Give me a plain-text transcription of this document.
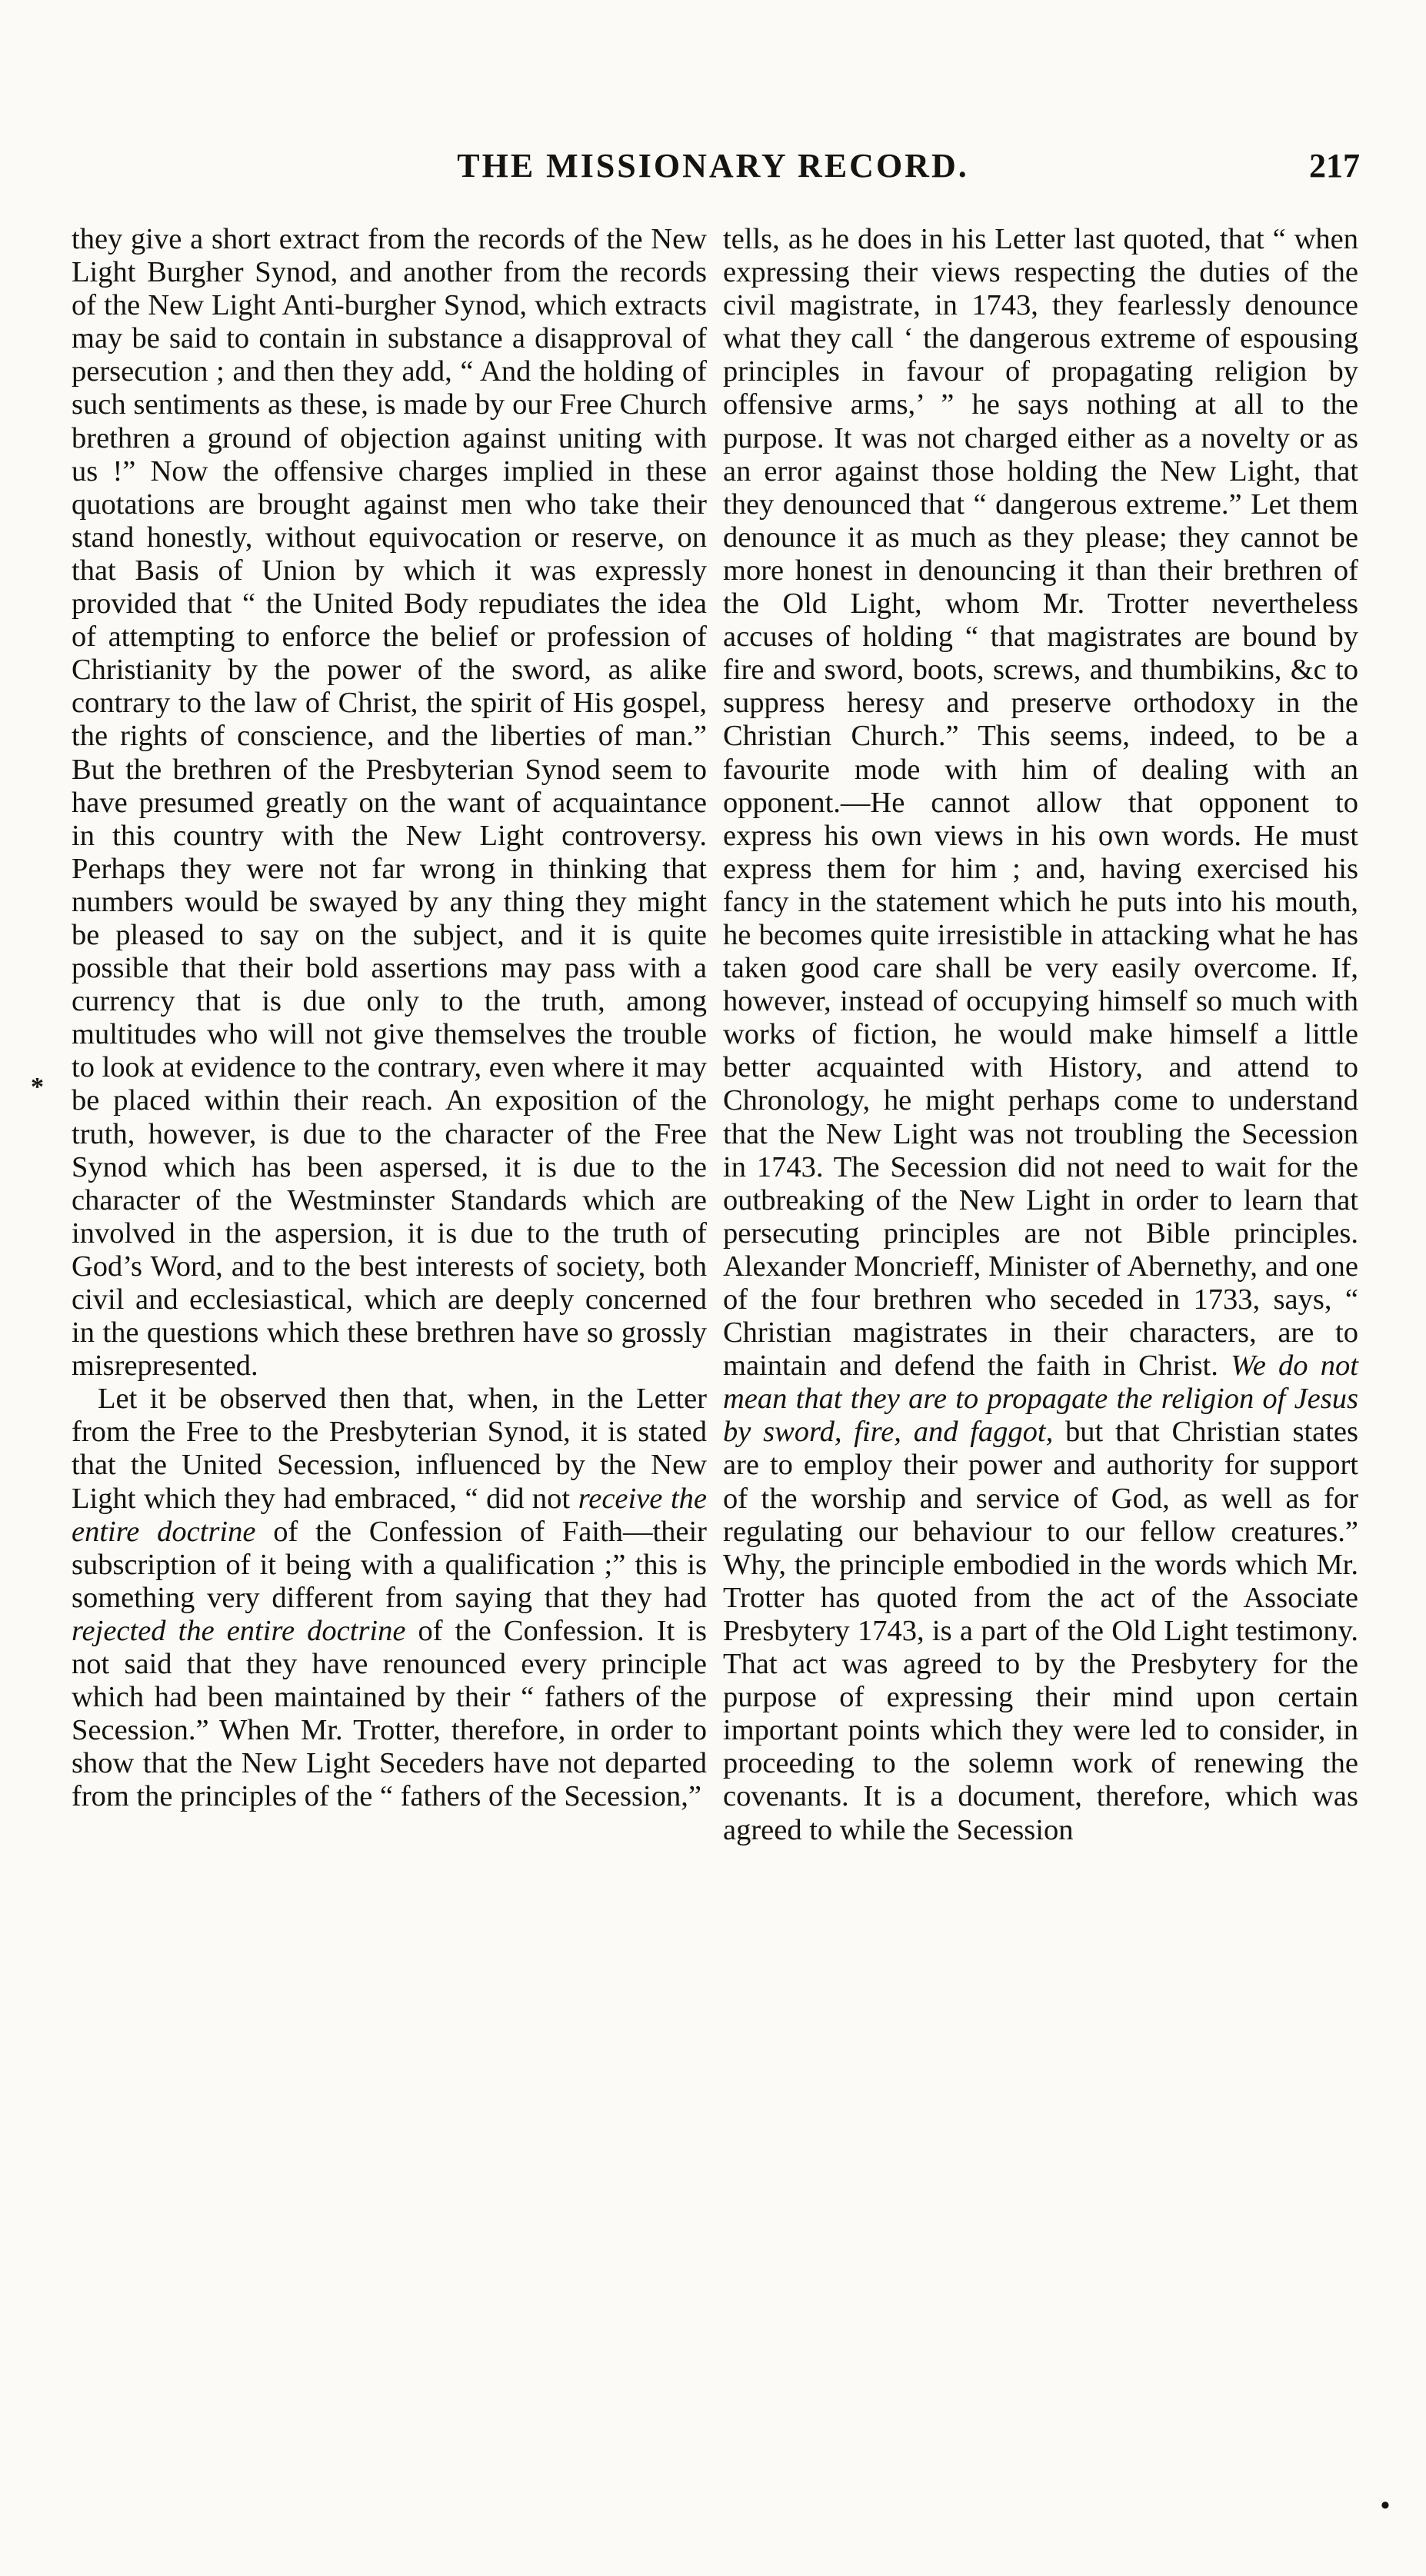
THE MISSIONARY RECORD.	217
*

they give a short extract from the records of the New Light Burgher Synod, and another from the records of the New Light Anti-burgher Synod, which extracts may be said to contain in substance a disapproval of persecution ; and then they add, “ And the holding of such sentiments as these, is made by our Free Church brethren a ground of objection against uniting with us !” Now the offensive charges implied in these quotations are brought against men who take their stand honestly, without equivocation or reserve, on that Basis of Union by which it was expressly provided that “ the United Body repudiates the idea of attempting to enforce the belief or profession of Christianity by the power of the sword, as alike contrary to the law of Christ, the spirit of His gospel, the rights of conscience, and the liberties of man.” But the brethren of the Presbyterian Synod seem to have presumed greatly on the want of acquaintance in this country with the New Light controversy. Perhaps they were not far wrong in thinking that numbers would be swayed by any thing they might be pleased to say on the subject, and it is quite possible that their bold assertions may pass with a currency that is due only to the truth, among multitudes who will not give themselves the trouble to look at evidence to the contrary, even where it may be placed within their reach. An exposition of the truth, however, is due to the character of the Free Synod which has been aspersed, it is due to the character of the Westminster Standards which are involved in the aspersion, it is due to the truth of God’s Word, and to the best interests of society, both civil and ecclesiastical, which are deeply concerned in the questions which these brethren have so grossly misrepresented.

Let it be observed then that, when, in the Letter from the Free to the Presbyterian Synod, it is stated that the United Secession, influenced by the New Light which they had embraced, “ did not receive the entire doctrine of the Confession of Faith—their subscription of it being with a qualification ;” this is something very different from saying that they had rejected the entire doctrine of the Confession. It is not said that they have renounced every principle which had been maintained by their “ fathers of the Secession.” When Mr. Trotter, therefore, in order to show that the New Light Seceders have not departed from the principles of the “ fathers of the Secession,”

tells, as he does in his Letter last quoted, that “ when expressing their views respecting the duties of the civil magistrate, in 1743, they fearlessly denounce what they call ‘ the dangerous extreme of espousing principles in favour of propagating religion by offensive arms,’ ” he says nothing at all to the purpose. It was not charged either as a novelty or as an error against those holding the New Light, that they denounced that “ dangerous extreme.” Let them denounce it as much as they please; they cannot be more honest in denouncing it than their brethren of the Old Light, whom Mr. Trotter nevertheless accuses of holding “ that magistrates are bound by fire and sword, boots, screws, and thumbikins, &c to suppress heresy and preserve orthodoxy in the Christian Church.” This seems, indeed, to be a favourite mode with him of dealing with an opponent.—He cannot allow that opponent to express his own views in his own words. He must express them for him ; and, having exercised his fancy in the statement which he puts into his mouth, he becomes quite irresistible in attacking what he has taken good care shall be very easily overcome. If, however, instead of occupying himself so much with works of fiction, he would make himself a little better acquainted with History, and attend to Chronology, he might perhaps come to understand that the New Light was not troubling the Secession in 1743. The Secession did not need to wait for the outbreaking of the New Light in order to learn that persecuting principles are not Bible principles. Alexander Moncrieff, Minister of Abernethy, and one of the four brethren who seceded in 1733, says, “ Christian magistrates in their characters, are to maintain and defend the faith in Christ. We do not mean that they are to propagate the religion of Jesus by sword, fire, and faggot, but that Christian states are to employ their power and authority for support of the worship and service of God, as well as for regulating our behaviour to our fellow creatures.” Why, the principle embodied in the words which Mr. Trotter has quoted from the act of the Associate Presbytery 1743, is a part of the Old Light testimony. That act was agreed to by the Presbytery for the purpose of expressing their mind upon certain important points which they were led to consider, in proceeding to the solemn work of renewing the covenants. It is a document, therefore, which was agreed to while the Secession

•
